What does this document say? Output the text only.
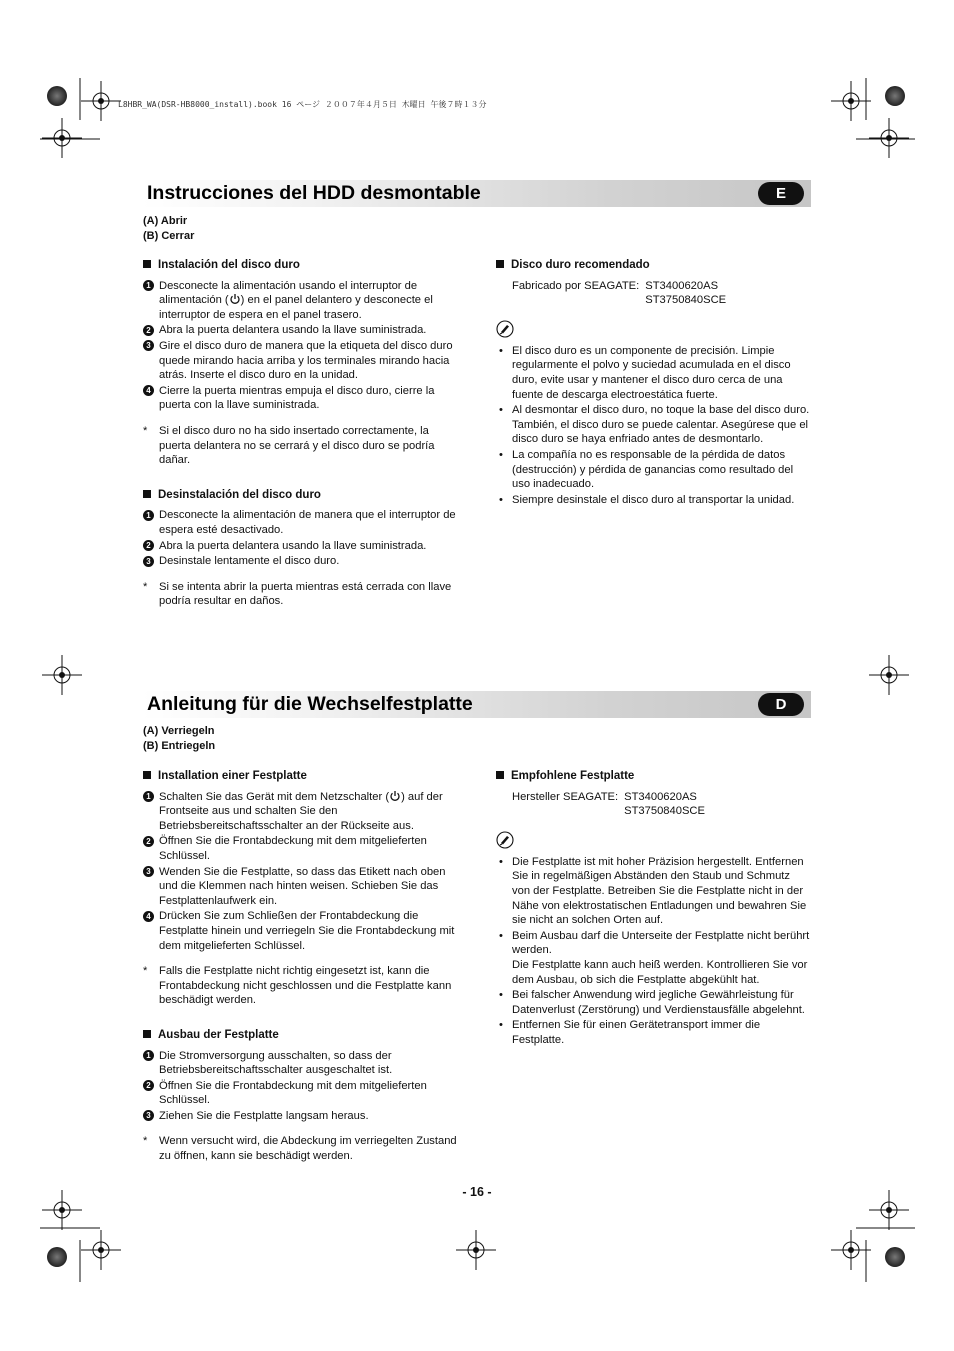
L8HBR_WA(DSR-HB8000_install).book 16 ページ ２００７年４月５日 木曜日 午後７時１３分
Instrucciones del HDD desmontable	E
(A) Abrir
(B) Cerrar
Instalación del disco duro
1 Desconecte la alimentación usando el interruptor de alimentación ( ) en el panel delantero y desconecte el interruptor de espera en el panel trasero.
2 Abra la puerta delantera usando la llave suministrada.
3 Gire el disco duro de manera que la etiqueta del disco duro quede mirando hacia arriba y los terminales mirando hacia atrás. Inserte el disco duro en la unidad.
4 Cierre la puerta mientras empuja el disco duro, cierre la puerta con la llave suministrada.
* Si el disco duro no ha sido insertado correctamente, la puerta delantera no se cerrará y el disco duro se podría dañar.
Desinstalación del disco duro
1 Desconecte la alimentación de manera que el interruptor de espera esté desactivado.
2 Abra la puerta delantera usando la llave suministrada.
3 Desinstale lentamente el disco duro.
* Si se intenta abrir la puerta mientras está cerrada con llave podría resultar en daños.
Disco duro recomendado
Fabricado por SEAGATE: ST3400620AS
ST3750840SCE
• El disco duro es un componente de precisión. Limpie regularmente el polvo y suciedad acumulada en el disco duro, evite usar y mantener el disco duro cerca de una fuente de descarga electroestática fuerte.
• Al desmontar el disco duro, no toque la base del disco duro.
También, el disco duro se puede calentar. Asegúrese que el disco duro se haya enfriado antes de desmontarlo.
• La compañía no es responsable de la pérdida de datos (destrucción) y pérdida de ganancias como resultado del uso inadecuado.
• Siempre desinstale el disco duro al transportar la unidad.
Anleitung für die Wechselfestplatte	D
(A) Verriegeln
(B) Entriegeln
Installation einer Festplatte
1 Schalten Sie das Gerät mit dem Netzschalter ( ) auf der Frontseite aus und schalten Sie den Betriebsbereitschaftsschalter an der Rückseite aus.
2 Öffnen Sie die Frontabdeckung mit dem mitgelieferten Schlüssel.
3 Wenden Sie die Festplatte, so dass das Etikett nach oben und die Klemmen nach hinten weisen. Schieben Sie das Festplattenlaufwerk ein.
4 Drücken Sie zum Schließen der Frontabdeckung die Festplatte hinein und verriegeln Sie die Frontabdeckung mit dem mitgelieferten Schlüssel.
* Falls die Festplatte nicht richtig eingesetzt ist, kann die Frontabdeckung nicht geschlossen und die Festplatte kann beschädigt werden.
Ausbau der Festplatte
1 Die Stromversorgung ausschalten, so dass der Betriebsbereitschaftsschalter ausgeschaltet ist.
2 Öffnen Sie die Frontabdeckung mit dem mitgelieferten Schlüssel.
3 Ziehen Sie die Festplatte langsam heraus.
* Wenn versucht wird, die Abdeckung im verriegelten Zustand zu öffnen, kann sie beschädigt werden.
Empfohlene Festplatte
Hersteller SEAGATE: ST3400620AS
ST3750840SCE
• Die Festplatte ist mit hoher Präzision hergestellt. Entfernen Sie in regelmäßigen Abständen den Staub und Schmutz von der Festplatte. Betreiben Sie die Festplatte nicht in der Nähe von elektrostatischen Entladungen und bewahren Sie sie nicht an solchen Orten auf.
• Beim Ausbau darf die Unterseite der Festplatte nicht berührt werden.
Die Festplatte kann auch heiß werden. Kontrollieren Sie vor dem Ausbau, ob sich die Festplatte abgekühlt hat.
• Bei falscher Anwendung wird jegliche Gewährleistung für Datenverlust (Zerstörung) und Verdienstausfälle abgelehnt.
• Entfernen Sie für einen Gerätetransport immer die Festplatte.
- 16 -
